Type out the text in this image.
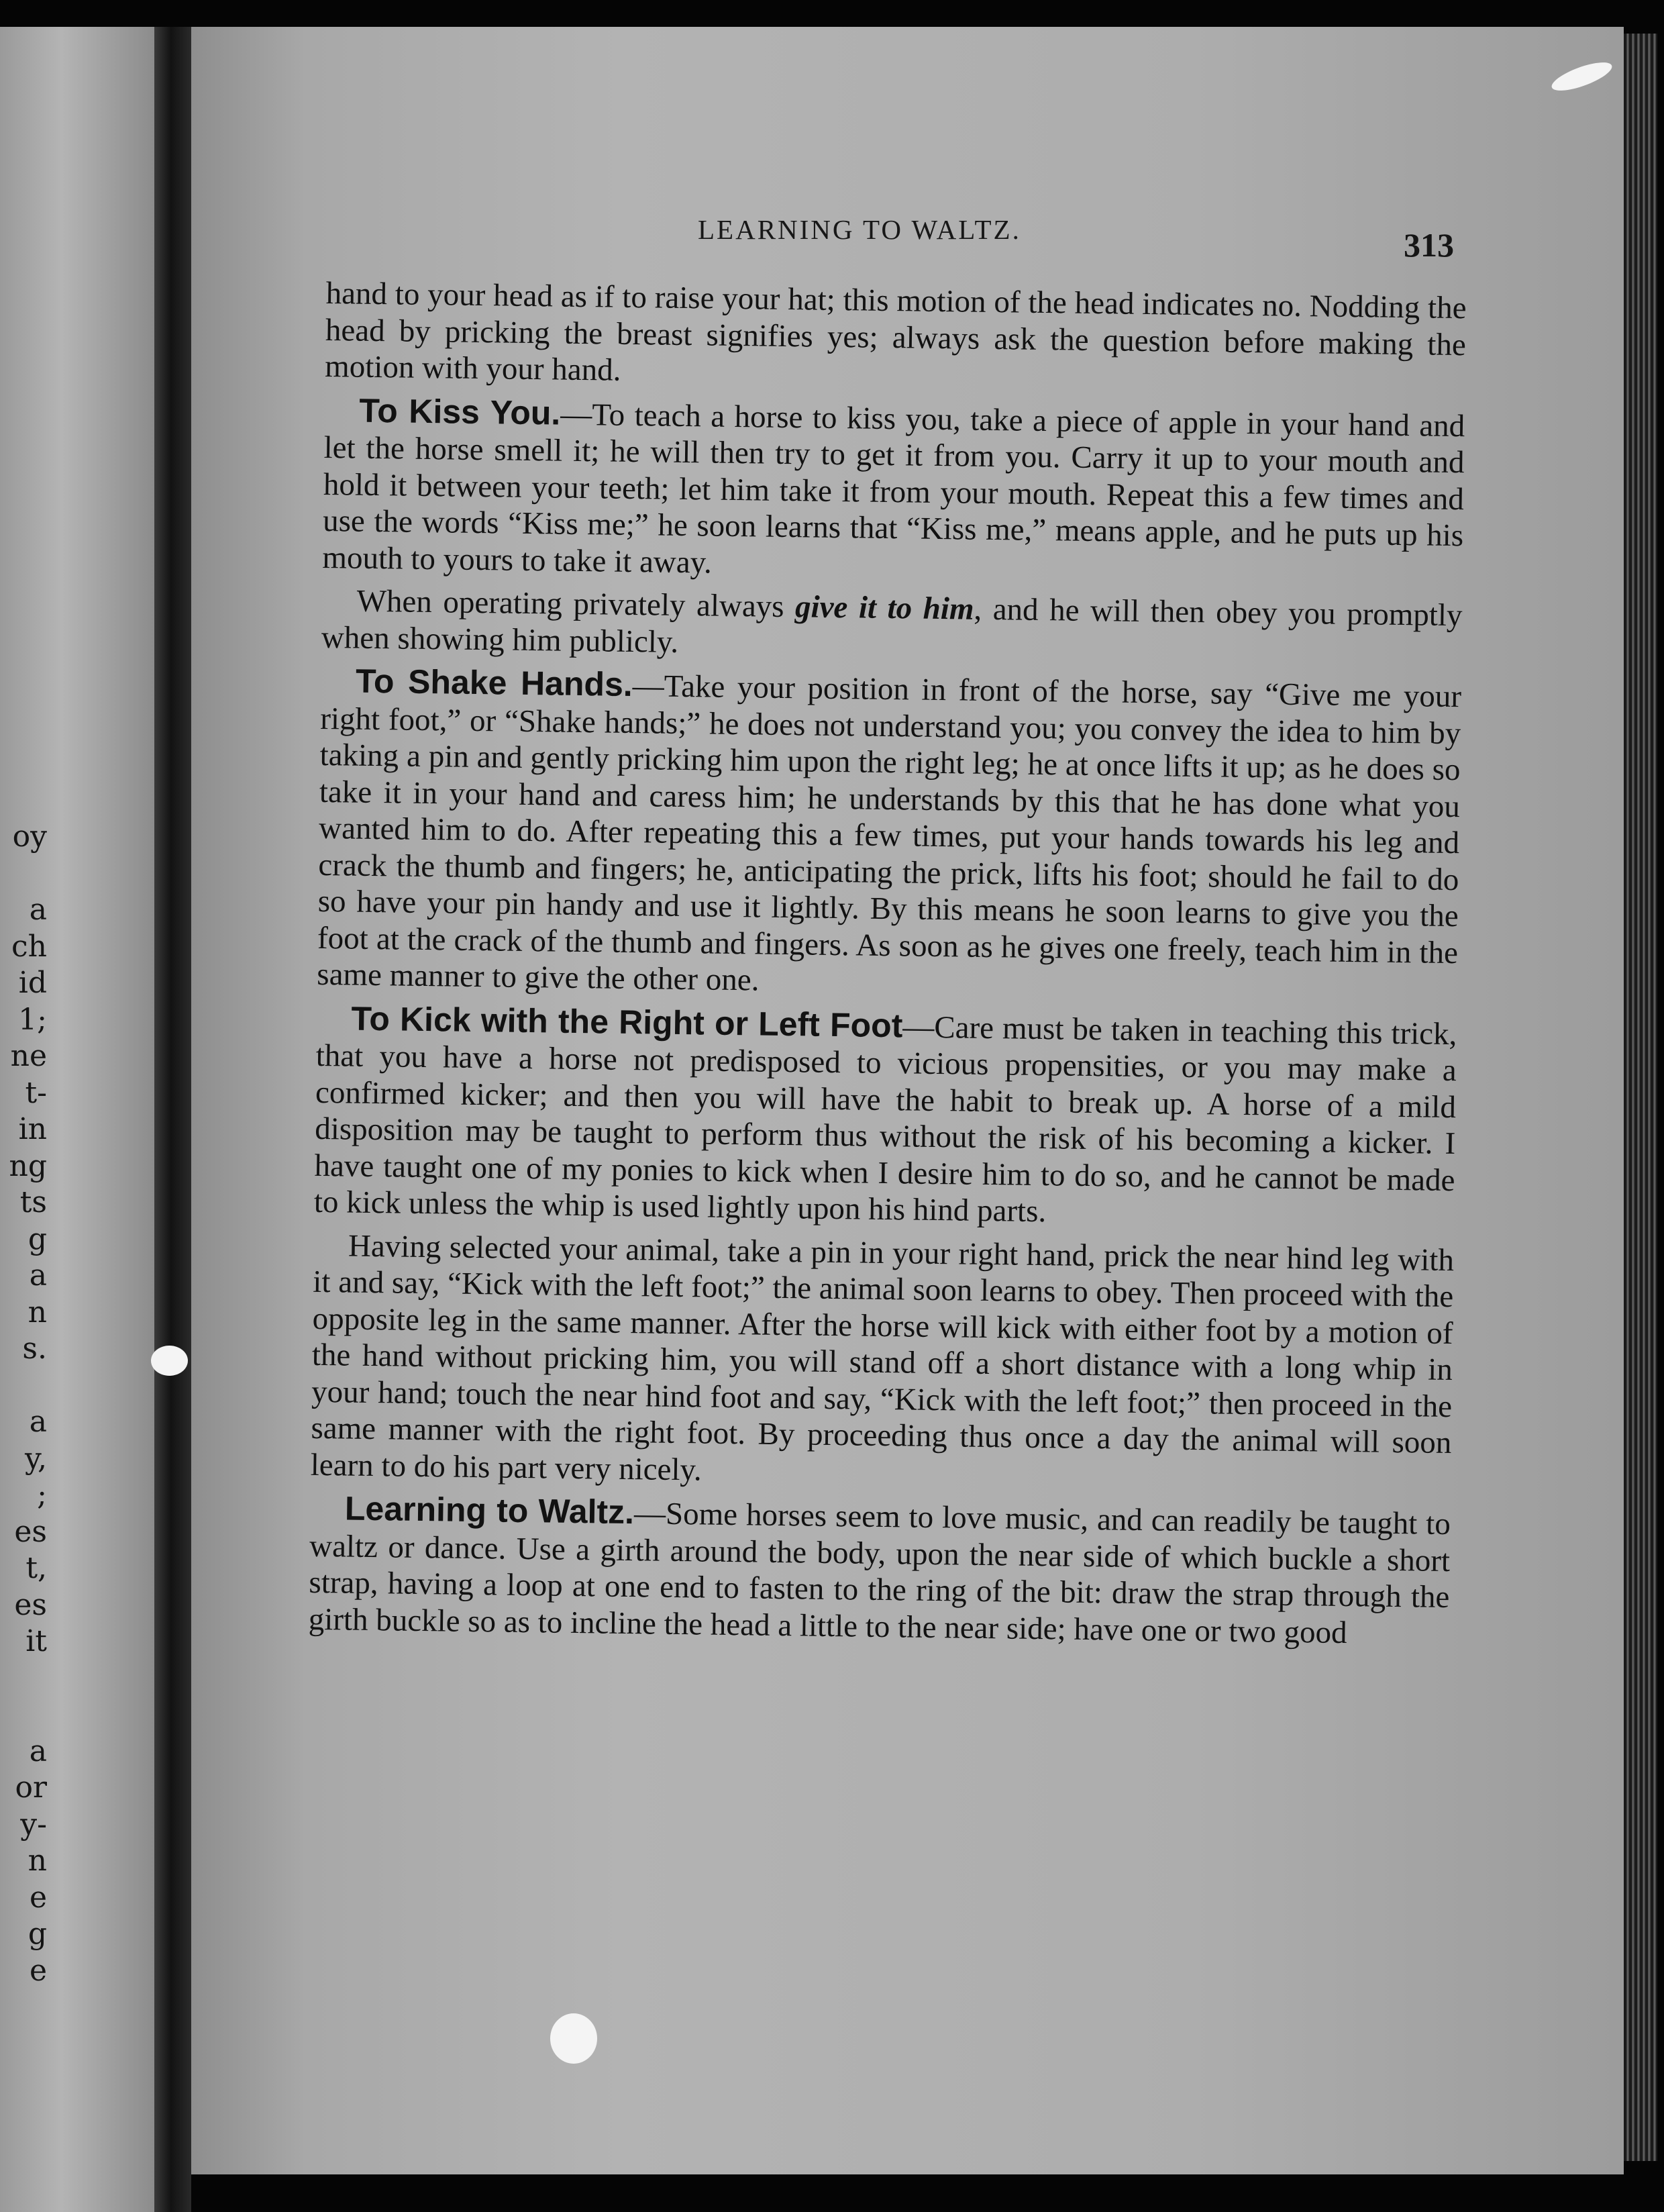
oy
a
ch
id
1;
ne
t-
in
ng
ts
g
a
n
s.
a
y,
;
es
t,
es
it
a
or
y-
n
e
g
e
LEARNING TO WALTZ.	313

hand to your head as if to raise your hat; this motion of the head indicates no. Nodding the head by pricking the breast signifies yes; always ask the question before making the motion with your hand.

To Kiss You.—To teach a horse to kiss you, take a piece of apple in your hand and let the horse smell it; he will then try to get it from you. Carry it up to your mouth and hold it between your teeth; let him take it from your mouth. Repeat this a few times and use the words “Kiss me;” he soon learns that “Kiss me,” means apple, and he puts up his mouth to yours to take it away.

When operating privately always give it to him, and he will then obey you promptly when showing him publicly.

To Shake Hands.—Take your position in front of the horse, say “Give me your right foot,” or “Shake hands;” he does not understand you; you convey the idea to him by taking a pin and gently pricking him upon the right leg; he at once lifts it up; as he does so take it in your hand and caress him; he understands by this that he has done what you wanted him to do. After repeating this a few times, put your hands towards his leg and crack the thumb and fingers; he, anticipating the prick, lifts his foot; should he fail to do so have your pin handy and use it lightly. By this means he soon learns to give you the foot at the crack of the thumb and fingers. As soon as he gives one freely, teach him in the same manner to give the other one.

To Kick with the Right or Left Foot—Care must be taken in teaching this trick, that you have a horse not predisposed to vicious propensities, or you may make a confirmed kicker; and then you will have the habit to break up. A horse of a mild disposition may be taught to perform thus without the risk of his becoming a kicker. I have taught one of my ponies to kick when I desire him to do so, and he cannot be made to kick unless the whip is used lightly upon his hind parts.

Having selected your animal, take a pin in your right hand, prick the near hind leg with it and say, “Kick with the left foot;” the animal soon learns to obey. Then proceed with the opposite leg in the same manner. After the horse will kick with either foot by a motion of the hand without pricking him, you will stand off a short distance with a long whip in your hand; touch the near hind foot and say, “Kick with the left foot;” then proceed in the same manner with the right foot. By proceeding thus once a day the animal will soon learn to do his part very nicely.

Learning to Waltz.—Some horses seem to love music, and can readily be taught to waltz or dance. Use a girth around the body, upon the near side of which buckle a short strap, having a loop at one end to fasten to the ring of the bit: draw the strap through the girth buckle so as to incline the head a little to the near side; have one or two good
